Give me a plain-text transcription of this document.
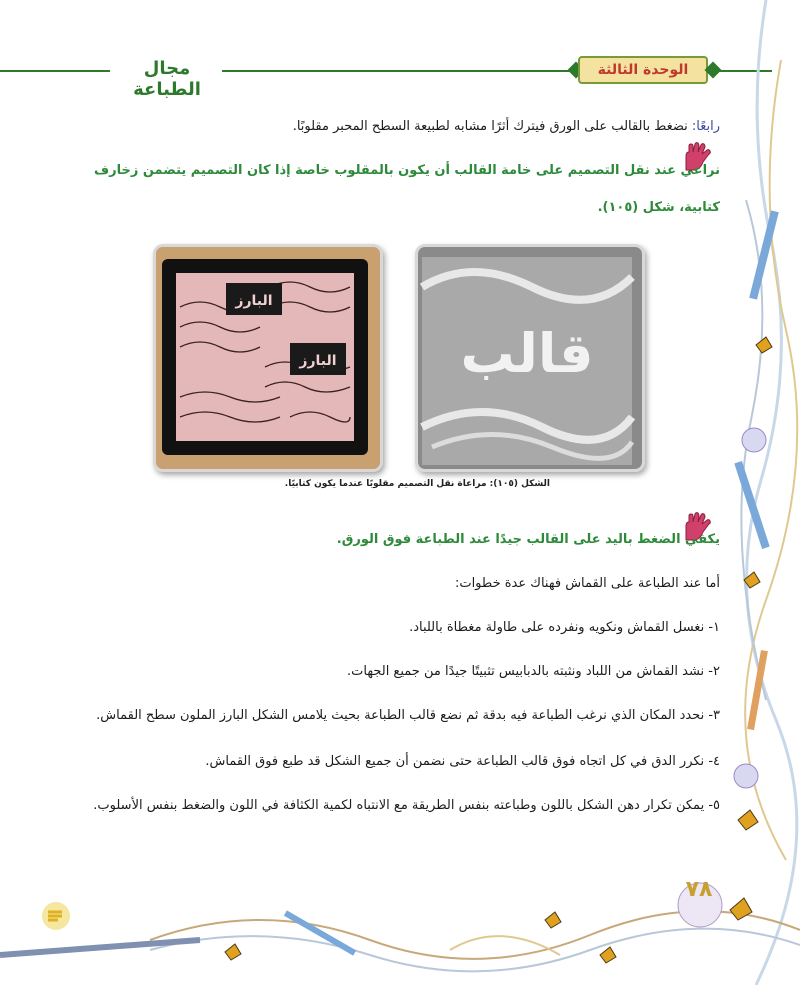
مجال الطباعة
الوحدة الثالثة
رابعًا: نضغط بالقالب على الورق فيترك أثرًا مشابه لطبيعة السطح المحبر مقلوبًا.
نراعي عند نقل التصميم على خامة القالب أن يكون بالمقلوب خاصة إذا كان التصميم يتضمن زخارف
كتابية، شكل (١٠٥).
قالب
البارز
البارز
الشكل (١٠٥): مراعاة نقل التصميم مقلوبًا عندما يكون كتابيًا.
يكفي الضغط باليد على القالب جيدًا عند الطباعة فوق الورق.
أما عند الطباعة على القماش فهناك عدة خطوات:
١- نغسل القماش ونكويه ونفرده على طاولة مغطاة باللباد.
٢- نشد القماش من اللباد ونثبته بالدبابيس تثبيتًا جيدًا من جميع الجهات.
٣- نحدد المكان الذي نرغب الطباعة فيه بدقة ثم نضع قالب الطباعة بحيث يلامس الشكل البارز الملون سطح القماش.
٤- نكرر الدق في كل اتجاه فوق قالب الطباعة حتى نضمن أن جميع الشكل قد طبع فوق القماش.
٥- يمكن تكرار دهن الشكل باللون وطباعته بنفس الطريقة مع الانتباه لكمية الكثافة في اللون والضغط بنفس الأسلوب.
٧٨
